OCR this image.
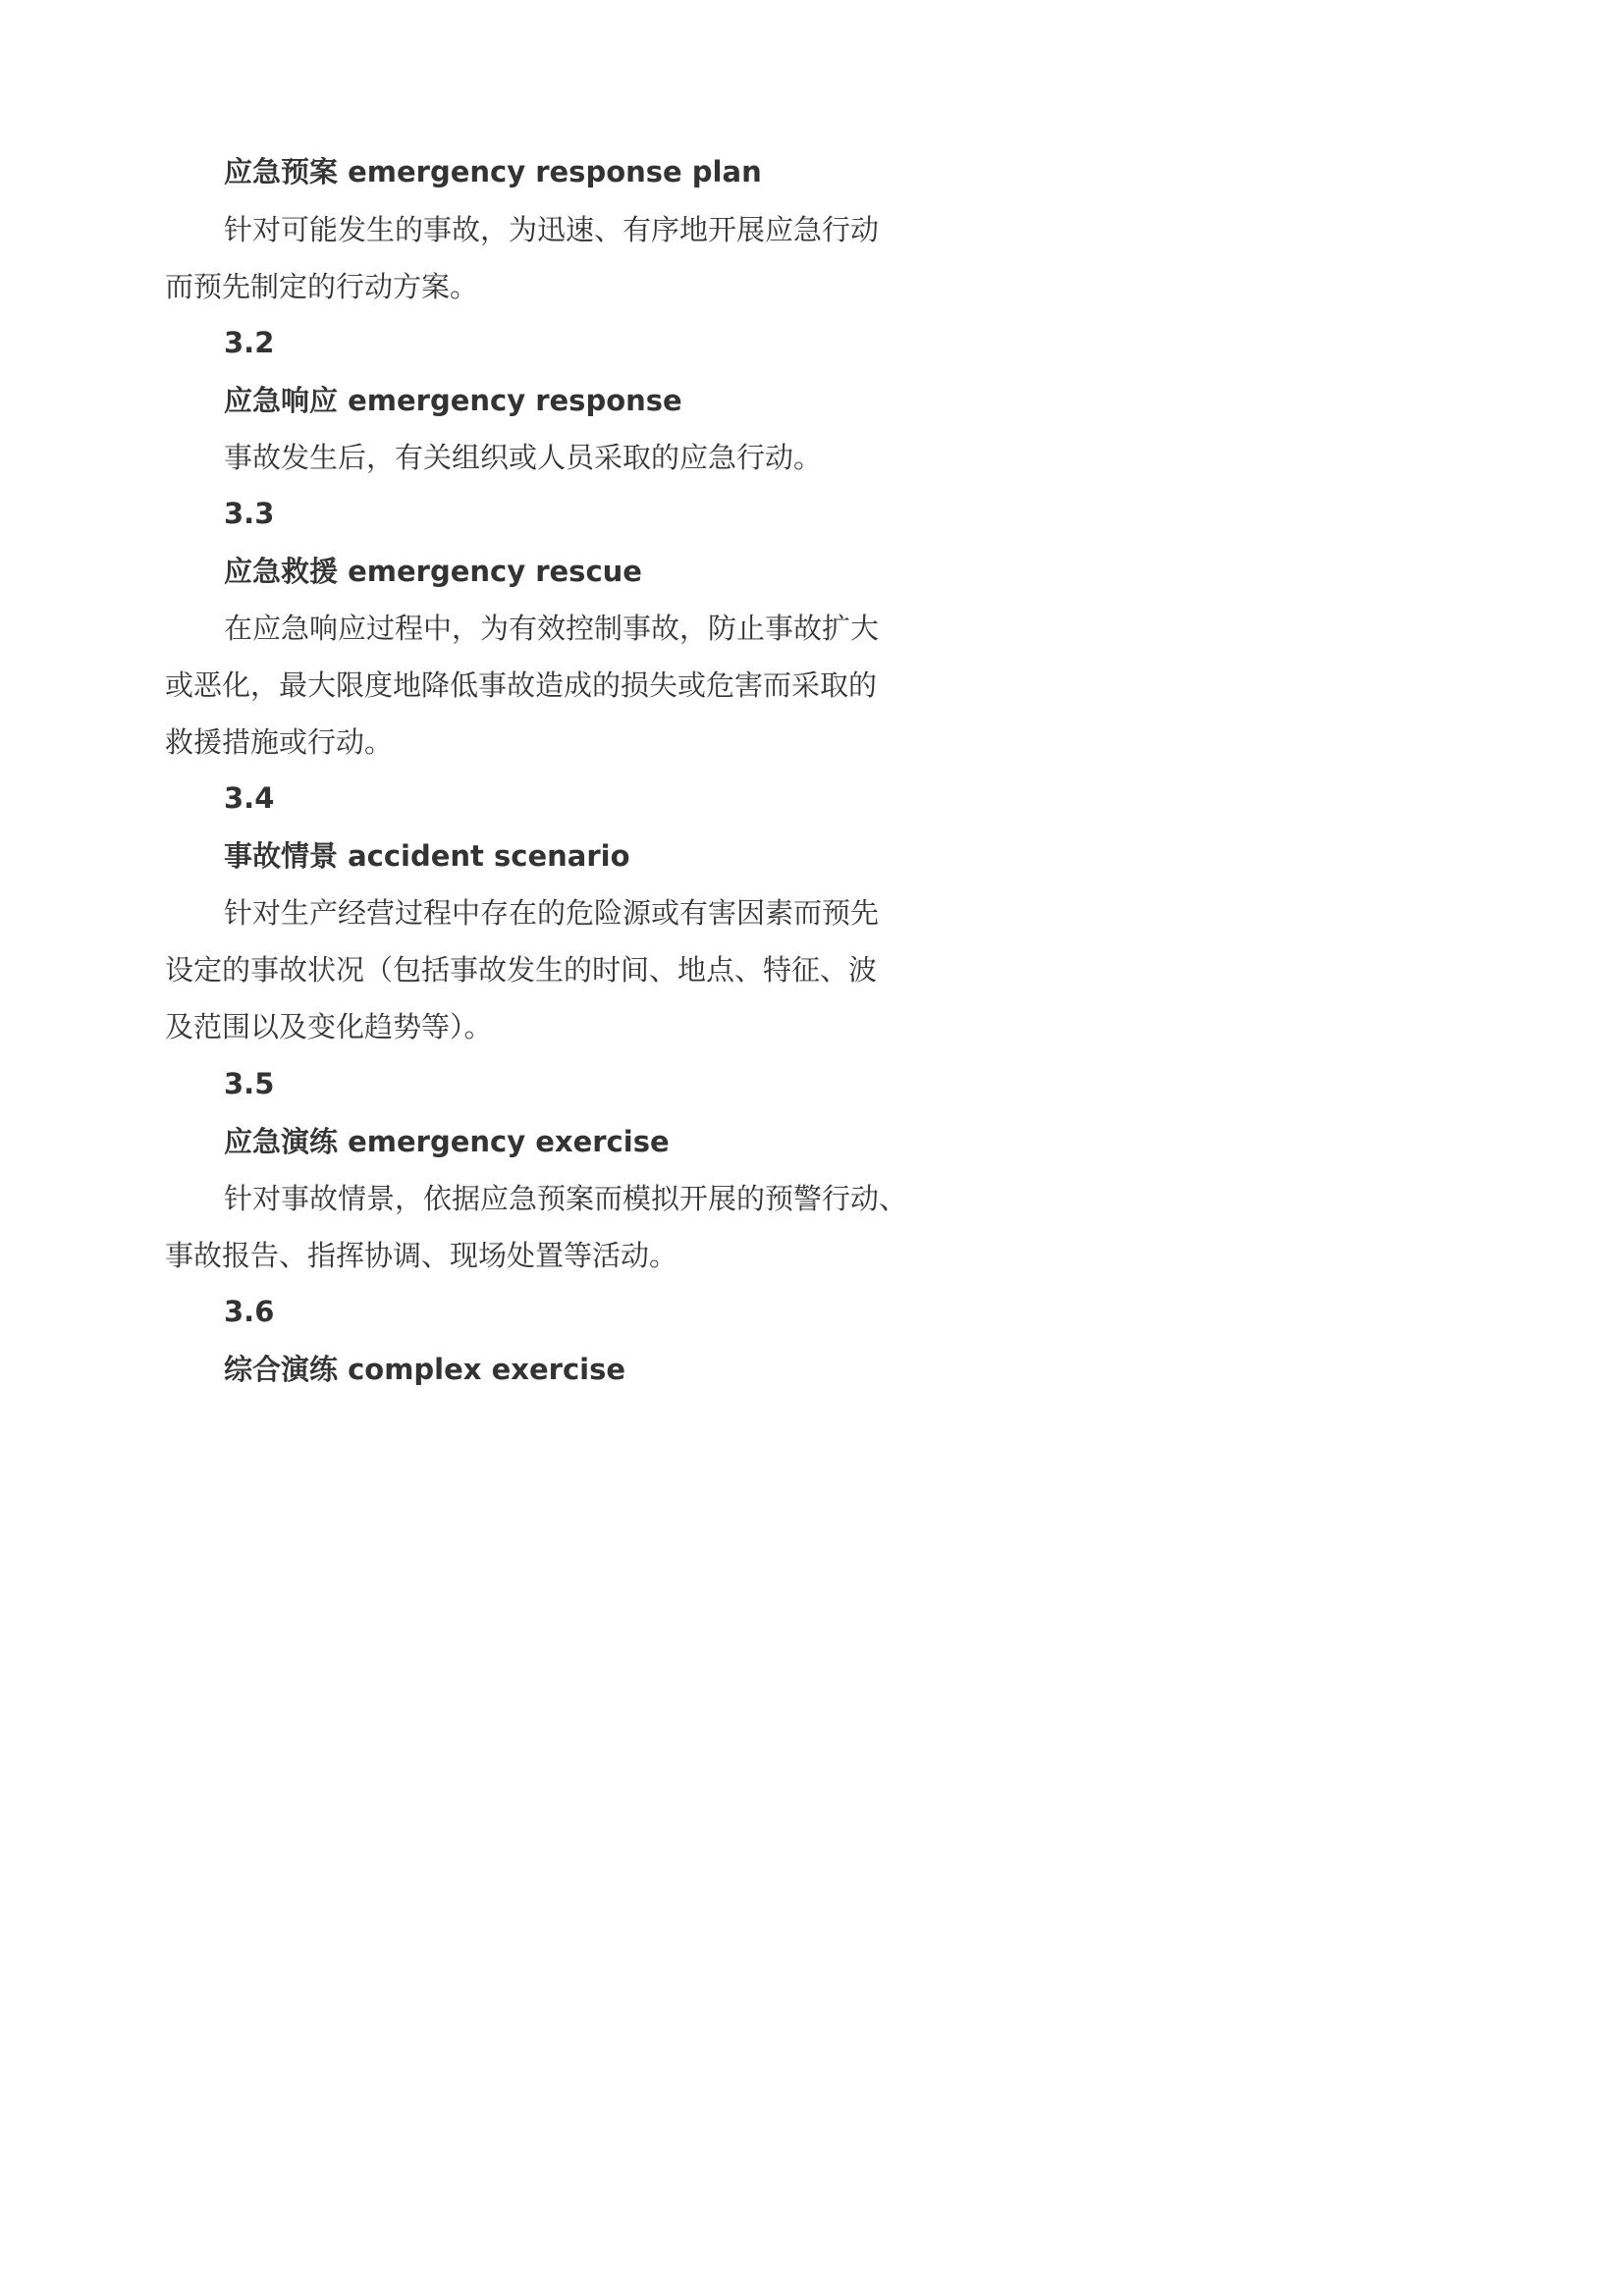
应急预案 emergency response plan
针对可能发生的事故，为迅速、有序地开展应急行动
而预先制定的行动方案。
3.2
应急响应 emergency response
事故发生后，有关组织或人员采取的应急行动。
3.3
应急救援 emergency rescue
在应急响应过程中，为有效控制事故，防止事故扩大
或恶化，最大限度地降低事故造成的损失或危害而采取的
救援措施或行动。
3.4
事故情景 accident scenario
针对生产经营过程中存在的危险源或有害因素而预先
设定的事故状况（包括事故发生的时间、地点、特征、波
及范围以及变化趋势等）。
3.5
应急演练 emergency exercise
针对事故情景，依据应急预案而模拟开展的预警行动、
事故报告、指挥协调、现场处置等活动。
3.6
综合演练 complex exercise
